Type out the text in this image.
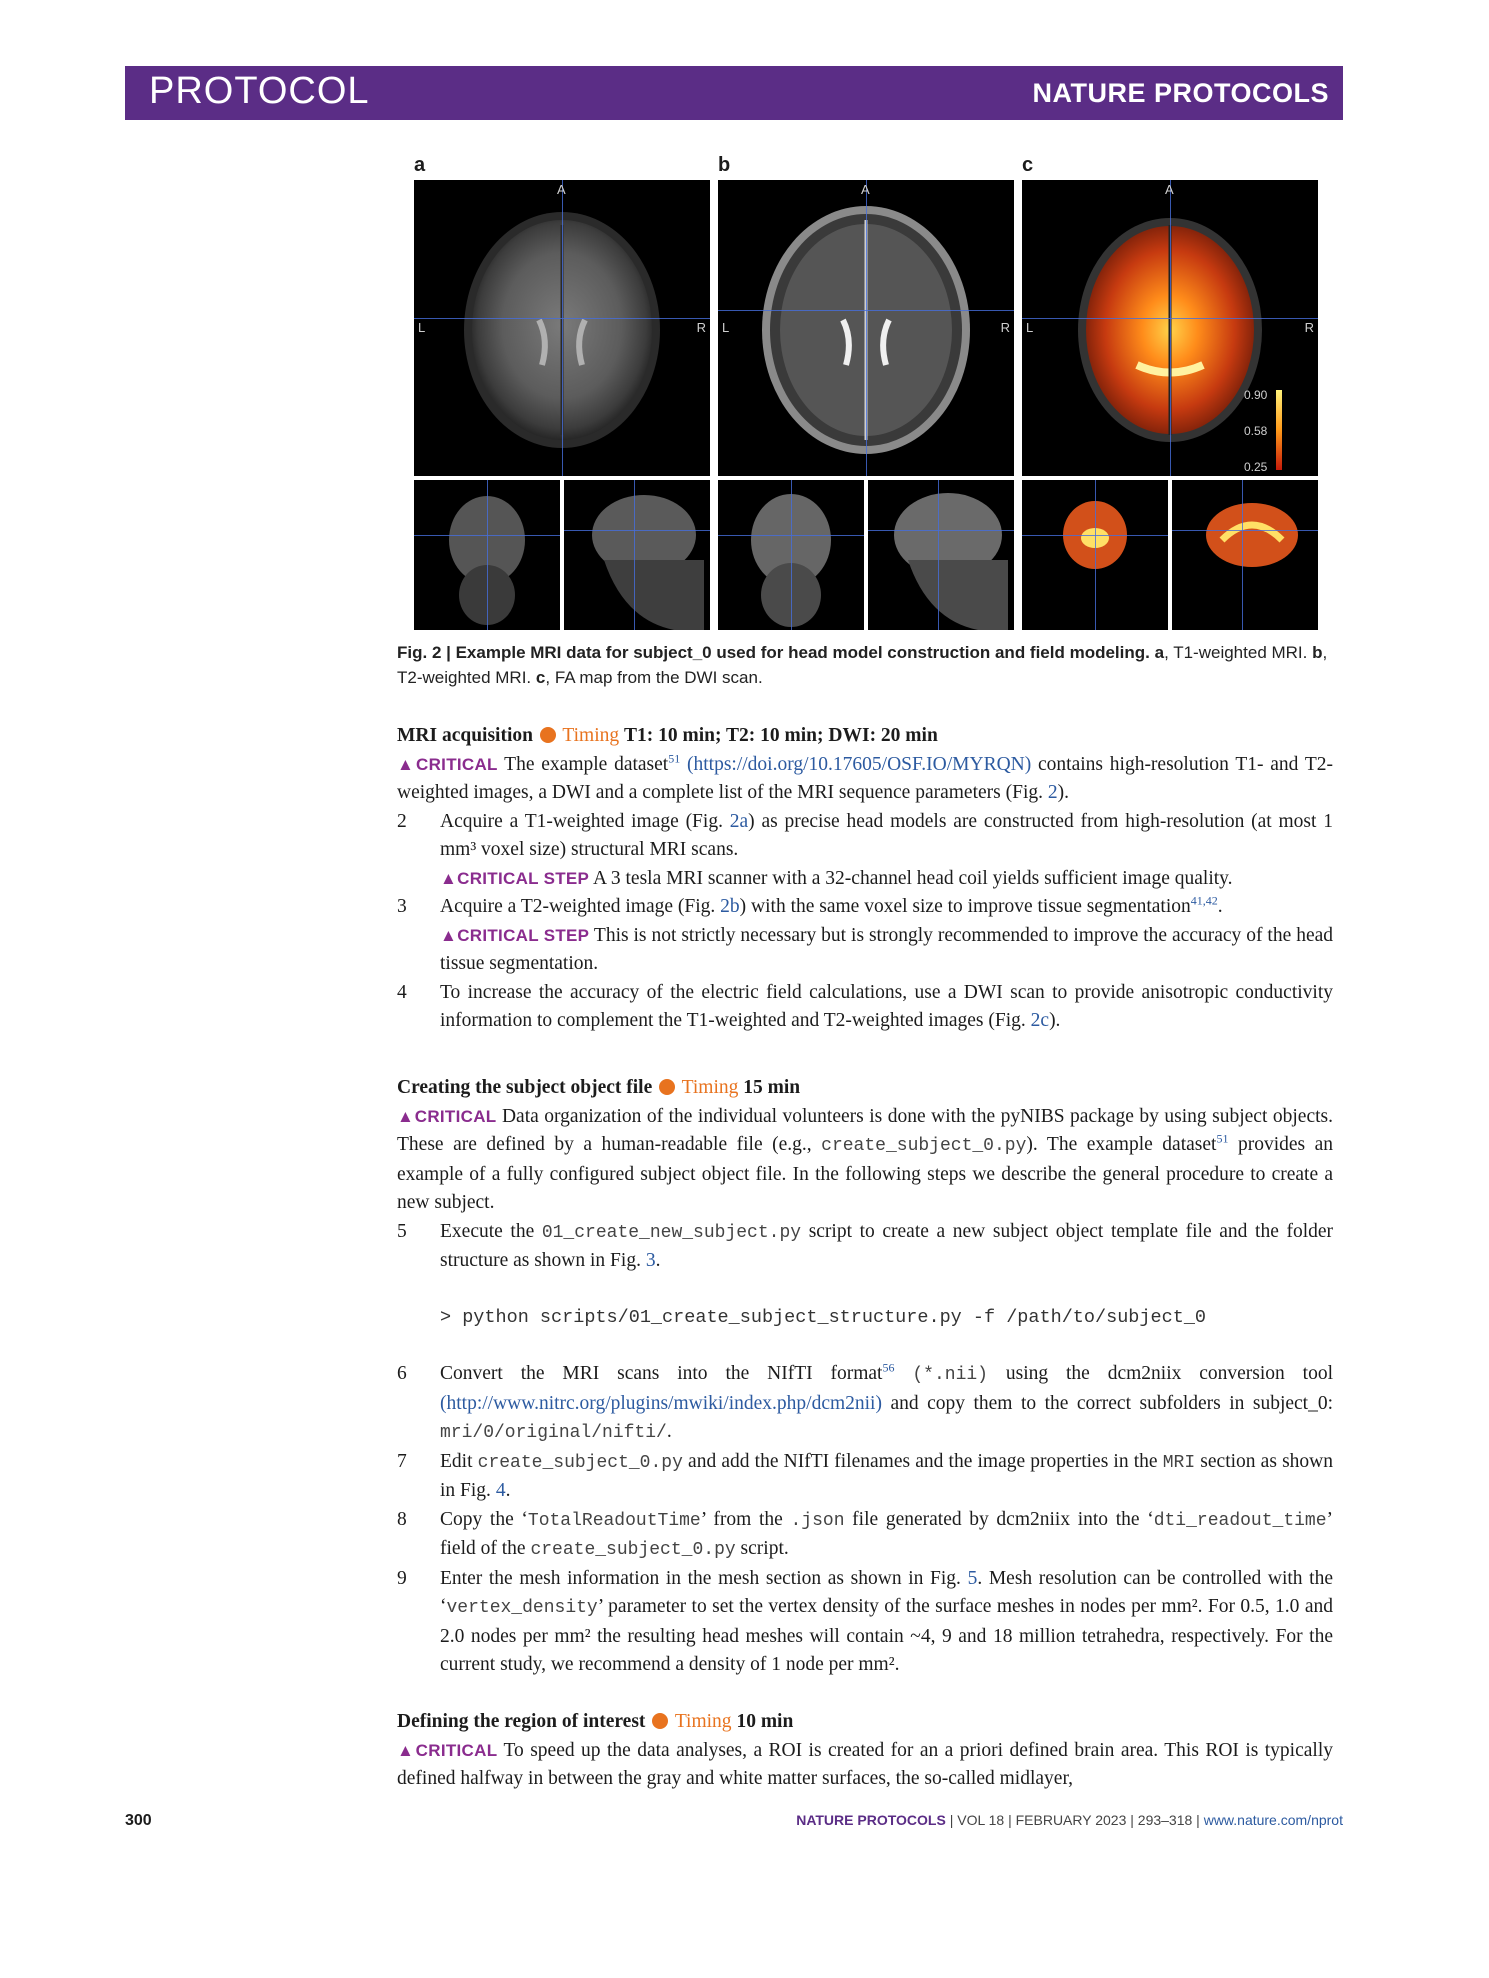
PROTOCOL	NATURE PROTOCOLS
a	b	c
A
L	R
A
L	R
A
L	R
0.90
0.58
0.25
Fig. 2 | Example MRI data for subject_0 used for head model construction and field modeling. a, T1-weighted MRI. b, T2-weighted MRI. c, FA map from the DWI scan.

MRI acquisition Timing T1: 10 min; T2: 10 min; DWI: 20 min

▲CRITICAL The example dataset$^{51}$ (https://doi.org/10.17605/OSF.IO/MYRQN) contains high-resolution T1- and T2-weighted images, a DWI and a complete list of the MRI sequence parameters (Fig. 2).

2 Acquire a T1-weighted image (Fig. 2a) as precise head models are constructed from high-resolution (at most 1 mm³ voxel size) structural MRI scans.
▲CRITICAL STEP A 3 tesla MRI scanner with a 32-channel head coil yields sufficient image quality.
3 Acquire a T2-weighted image (Fig. 2b) with the same voxel size to improve tissue segmentation$^{41,42}$.
▲CRITICAL STEP This is not strictly necessary but is strongly recommended to improve the accuracy of the head tissue segmentation.
4 To increase the accuracy of the electric field calculations, use a DWI scan to provide anisotropic conductivity information to complement the T1-weighted and T2-weighted images (Fig. 2c).

Creating the subject object file Timing 15 min

▲CRITICAL Data organization of the individual volunteers is done with the pyNIBS package by using subject objects. These are defined by a human-readable file (e.g., create_subject_0.py). The example dataset$^{51}$ provides an example of a fully configured subject object file. In the following steps we describe the general procedure to create a new subject.

5 Execute the 01_create_new_subject.py script to create a new subject object template file and the folder structure as shown in Fig. 3.
> python scripts/01_create_subject_structure.py -f /path/to/subject_0
6 Convert the MRI scans into the NIfTI format$^{56}$ (*.nii) using the dcm2niix conversion tool (http://www.nitrc.org/plugins/mwiki/index.php/dcm2nii) and copy them to the correct subfolders in subject_0: mri/0/original/nifti/.
7 Edit create_subject_0.py and add the NIfTI filenames and the image properties in the MRI section as shown in Fig. 4.
8 Copy the ‘TotalReadoutTime’ from the .json file generated by dcm2niix into the ‘dti_readout_time’ field of the create_subject_0.py script.
9 Enter the mesh information in the mesh section as shown in Fig. 5. Mesh resolution can be controlled with the ‘vertex_density’ parameter to set the vertex density of the surface meshes in nodes per mm². For 0.5, 1.0 and 2.0 nodes per mm² the resulting head meshes will contain ~4, 9 and 18 million tetrahedra, respectively. For the current study, we recommend a density of 1 node per mm².

Defining the region of interest Timing 10 min

▲CRITICAL To speed up the data analyses, a ROI is created for an a priori defined brain area. This ROI is typically defined halfway in between the gray and white matter surfaces, the so-called midlayer,

300	NATURE PROTOCOLS | VOL 18 | FEBRUARY 2023 | 293–318 | www.nature.com/nprot
